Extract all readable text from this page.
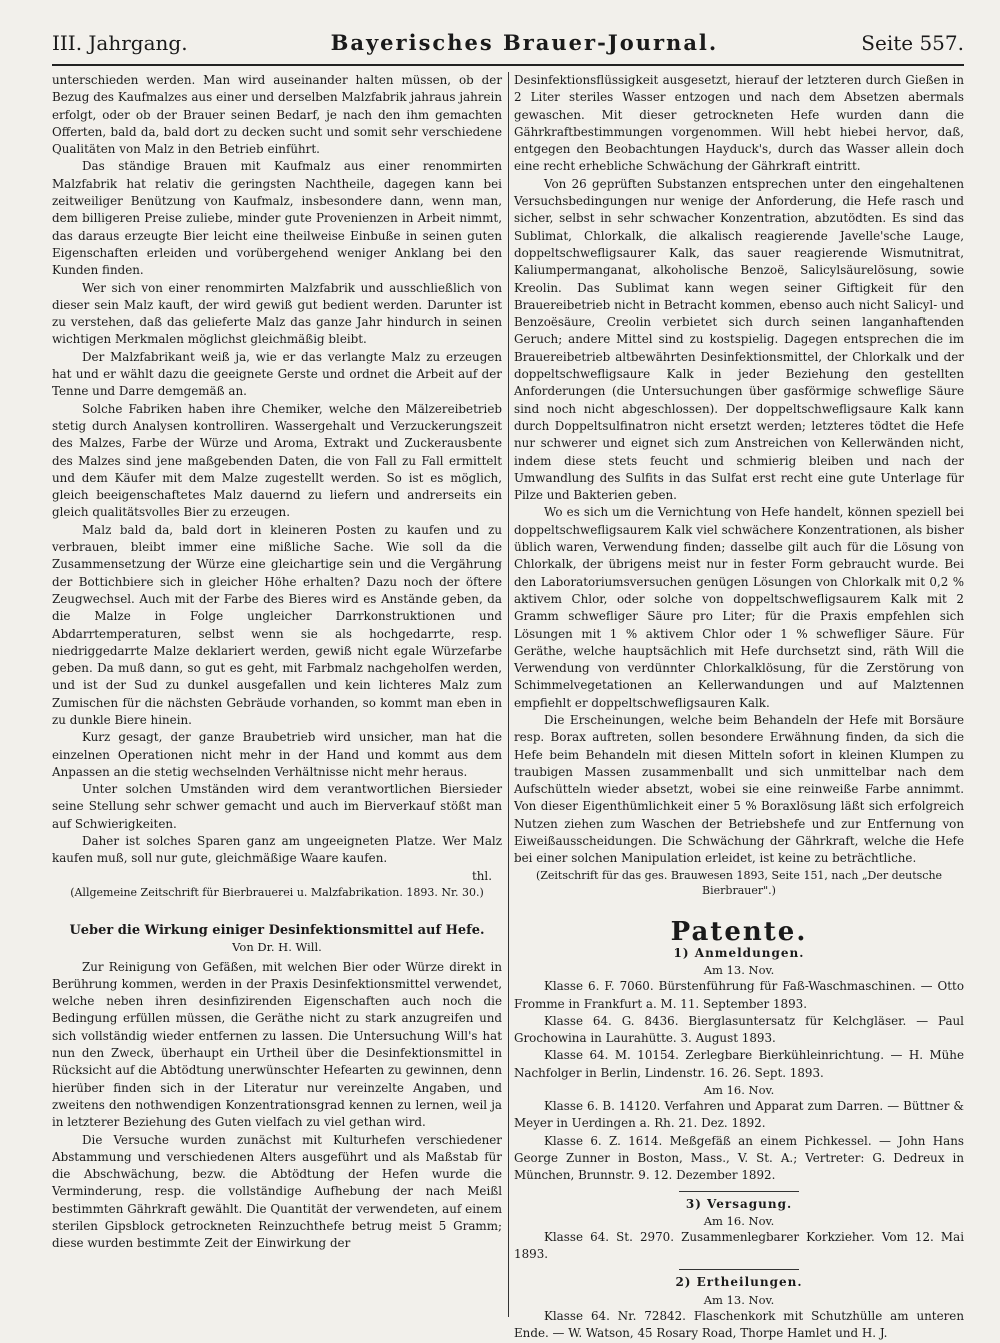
III. Jahrgang.	Bayerisches Brauer-Journal.	Seite 557.

unterschieden werden. Man wird auseinander halten müssen, ob der Bezug des Kaufmalzes aus einer und derselben Malzfabrik jahraus jahrein erfolgt, oder ob der Brauer seinen Bedarf, je nach den ihm gemachten Offerten, bald da, bald dort zu decken sucht und somit sehr verschiedene Qualitäten von Malz in den Betrieb einführt.

Das ständige Brauen mit Kaufmalz aus einer renommirten Malzfabrik hat relativ die geringsten Nachtheile, dagegen kann bei zeitweiliger Benützung von Kaufmalz, insbesondere dann, wenn man, dem billigeren Preise zuliebe, minder gute Provenienzen in Arbeit nimmt, das daraus erzeugte Bier leicht eine theilweise Einbuße in seinen guten Eigenschaften erleiden und vorübergehend weniger Anklang bei den Kunden finden.

Wer sich von einer renommirten Malzfabrik und ausschließlich von dieser sein Malz kauft, der wird gewiß gut bedient werden. Darunter ist zu verstehen, daß das gelieferte Malz das ganze Jahr hindurch in seinen wichtigen Merkmalen möglichst gleichmäßig bleibt.

Der Malzfabrikant weiß ja, wie er das verlangte Malz zu erzeugen hat und er wählt dazu die geeignete Gerste und ordnet die Arbeit auf der Tenne und Darre demgemäß an.

Solche Fabriken haben ihre Chemiker, welche den Mälzereibetrieb stetig durch Analysen kontrolliren. Wassergehalt und Verzuckerungszeit des Malzes, Farbe der Würze und Aroma, Extrakt und Zuckerausbente des Malzes sind jene maßgebenden Daten, die von Fall zu Fall ermittelt und dem Käufer mit dem Malze zugestellt werden. So ist es möglich, gleich beeigenschaftetes Malz dauernd zu liefern und andrerseits ein gleich qualitätsvolles Bier zu erzeugen.

Malz bald da, bald dort in kleineren Posten zu kaufen und zu verbrauen, bleibt immer eine mißliche Sache. Wie soll da die Zusammensetzung der Würze eine gleichartige sein und die Vergährung der Bottichbiere sich in gleicher Höhe erhalten? Dazu noch der öftere Zeugwechsel. Auch mit der Farbe des Bieres wird es Anstände geben, da die Malze in Folge ungleicher Darrkonstruktionen und Abdarrtemperaturen, selbst wenn sie als hochgedarrte, resp. niedriggedarrte Malze deklariert werden, gewiß nicht egale Würzefarbe geben. Da muß dann, so gut es geht, mit Farbmalz nachgeholfen werden, und ist der Sud zu dunkel ausgefallen und kein lichteres Malz zum Zumischen für die nächsten Gebräude vorhanden, so kommt man eben in zu dunkle Biere hinein.

Kurz gesagt, der ganze Braubetrieb wird unsicher, man hat die einzelnen Operationen nicht mehr in der Hand und kommt aus dem Anpassen an die stetig wechselnden Verhältnisse nicht mehr heraus.

Unter solchen Umständen wird dem verantwortlichen Biersieder seine Stellung sehr schwer gemacht und auch im Bierverkauf stößt man auf Schwierigkeiten.

Daher ist solches Sparen ganz am ungeeigneten Platze. Wer Malz kaufen muß, soll nur gute, gleichmäßige Waare kaufen.

thl.
(Allgemeine Zeitschrift für Bierbrauerei u. Malzfabrikation. 1893. Nr. 30.)
Ueber die Wirkung einiger Desinfektionsmittel auf Hefe.
Von Dr. H. Will.

Zur Reinigung von Gefäßen, mit welchen Bier oder Würze direkt in Berührung kommen, werden in der Praxis Desinfektionsmittel verwendet, welche neben ihren desinfizirenden Eigenschaften auch noch die Bedingung erfüllen müssen, die Geräthe nicht zu stark anzugreifen und sich vollständig wieder entfernen zu lassen. Die Untersuchung Will's hat nun den Zweck, überhaupt ein Urtheil über die Desinfektionsmittel in Rücksicht auf die Abtödtung unerwünschter Hefearten zu gewinnen, denn hierüber finden sich in der Literatur nur vereinzelte Angaben, und zweitens den nothwendigen Konzentrationsgrad kennen zu lernen, weil ja in letzterer Beziehung des Guten vielfach zu viel gethan wird.

Die Versuche wurden zunächst mit Kulturhefen verschiedener Abstammung und verschiedenen Alters ausgeführt und als Maßstab für die Abschwächung, bezw. die Abtödtung der Hefen wurde die Verminderung, resp. die vollständige Aufhebung der nach Meißl bestimmten Gährkraft gewählt. Die Quantität der verwendeten, auf einem sterilen Gipsblock getrockneten Reinzuchthefe betrug meist 5 Gramm; diese wurden bestimmte Zeit der Einwirkung der

Desinfektionsflüssigkeit ausgesetzt, hierauf der letzteren durch Gießen in 2 Liter steriles Wasser entzogen und nach dem Absetzen abermals gewaschen. Mit dieser getrockneten Hefe wurden dann die Gährkraftbestimmungen vorgenommen. Will hebt hiebei hervor, daß, entgegen den Beobachtungen Hayduck's, durch das Wasser allein doch eine recht erhebliche Schwächung der Gährkraft eintritt.

Von 26 geprüften Substanzen entsprechen unter den eingehaltenen Versuchsbedingungen nur wenige der Anforderung, die Hefe rasch und sicher, selbst in sehr schwacher Konzentration, abzutödten. Es sind das Sublimat, Chlorkalk, die alkalisch reagierende Javelle'sche Lauge, doppeltschwefligsaurer Kalk, das sauer reagierende Wismutnitrat, Kaliumpermanganat, alkoholische Benzoë, Salicylsäurelösung, sowie Kreolin. Das Sublimat kann wegen seiner Giftigkeit für den Brauereibetrieb nicht in Betracht kommen, ebenso auch nicht Salicyl- und Benzoësäure, Creolin verbietet sich durch seinen langanhaftenden Geruch; andere Mittel sind zu kostspielig. Dagegen entsprechen die im Brauereibetrieb altbewährten Desinfektionsmittel, der Chlorkalk und der doppeltschwefligsaure Kalk in jeder Beziehung den gestellten Anforderungen (die Untersuchungen über gasförmige schweflige Säure sind noch nicht abgeschlossen). Der doppeltschwefligsaure Kalk kann durch Doppeltsulfinatron nicht ersetzt werden; letzteres tödtet die Hefe nur schwerer und eignet sich zum Anstreichen von Kellerwänden nicht, indem diese stets feucht und schmierig bleiben und nach der Umwandlung des Sulfits in das Sulfat erst recht eine gute Unterlage für Pilze und Bakterien geben.

Wo es sich um die Vernichtung von Hefe handelt, können speziell bei doppeltschwefligsaurem Kalk viel schwächere Konzentrationen, als bisher üblich waren, Verwendung finden; dasselbe gilt auch für die Lösung von Chlorkalk, der übrigens meist nur in fester Form gebraucht wurde. Bei den Laboratoriumsversuchen genügen Lösungen von Chlorkalk mit 0,2 % aktivem Chlor, oder solche von doppeltschwefligsaurem Kalk mit 2 Gramm schwefliger Säure pro Liter; für die Praxis empfehlen sich Lösungen mit 1 % aktivem Chlor oder 1 % schwefliger Säure. Für Geräthe, welche hauptsächlich mit Hefe durchsetzt sind, räth Will die Verwendung von verdünnter Chlorkalklösung, für die Zerstörung von Schimmelvegetationen an Kellerwandungen und auf Malztennen empfiehlt er doppeltschwefligsauren Kalk.

Die Erscheinungen, welche beim Behandeln der Hefe mit Borsäure resp. Borax auftreten, sollen besondere Erwähnung finden, da sich die Hefe beim Behandeln mit diesen Mitteln sofort in kleinen Klumpen zu traubigen Massen zusammenballt und sich unmittelbar nach dem Aufschütteln wieder absetzt, wobei sie eine reinweiße Farbe annimmt. Von dieser Eigenthümlichkeit einer 5 % Boraxlösung läßt sich erfolgreich Nutzen ziehen zum Waschen der Betriebshefe und zur Entfernung von Eiweißausscheidungen. Die Schwächung der Gährkraft, welche die Hefe bei einer solchen Manipulation erleidet, ist keine zu beträchtliche.

(Zeitschrift für das ges. Brauwesen 1893, Seite 151, nach „Der deutsche Bierbrauer".)
Patente.
1) Anmeldungen.
Am 13. Nov.

Klasse 6. F. 7060. Bürstenführung für Faß-Waschmaschinen. — Otto Fromme in Frankfurt a. M. 11. September 1893.

Klasse 64. G. 8436. Bierglasuntersatz für Kelchgläser. — Paul Grochowina in Laurahütte. 3. August 1893.

Klasse 64. M. 10154. Zerlegbare Bierkühleinrichtung. — H. Mühe Nachfolger in Berlin, Lindenstr. 16. 26. Sept. 1893.

Am 16. Nov.

Klasse 6. B. 14120. Verfahren und Apparat zum Darren. — Büttner & Meyer in Uerdingen a. Rh. 21. Dez. 1892.

Klasse 6. Z. 1614. Meßgefäß an einem Pichkessel. — John Hans George Zunner in Boston, Mass., V. St. A.; Vertreter: G. Dedreux in München, Brunnstr. 9. 12. Dezember 1892.

3) Versagung.
Am 16. Nov.

Klasse 64. St. 2970. Zusammenlegbarer Korkzieher. Vom 12. Mai 1893.

2) Ertheilungen.
Am 13. Nov.

Klasse 64. Nr. 72842. Flaschenkork mit Schutzhülle am unteren Ende. — W. Watson, 45 Rosary Road, Thorpe Hamlet und H. J.
